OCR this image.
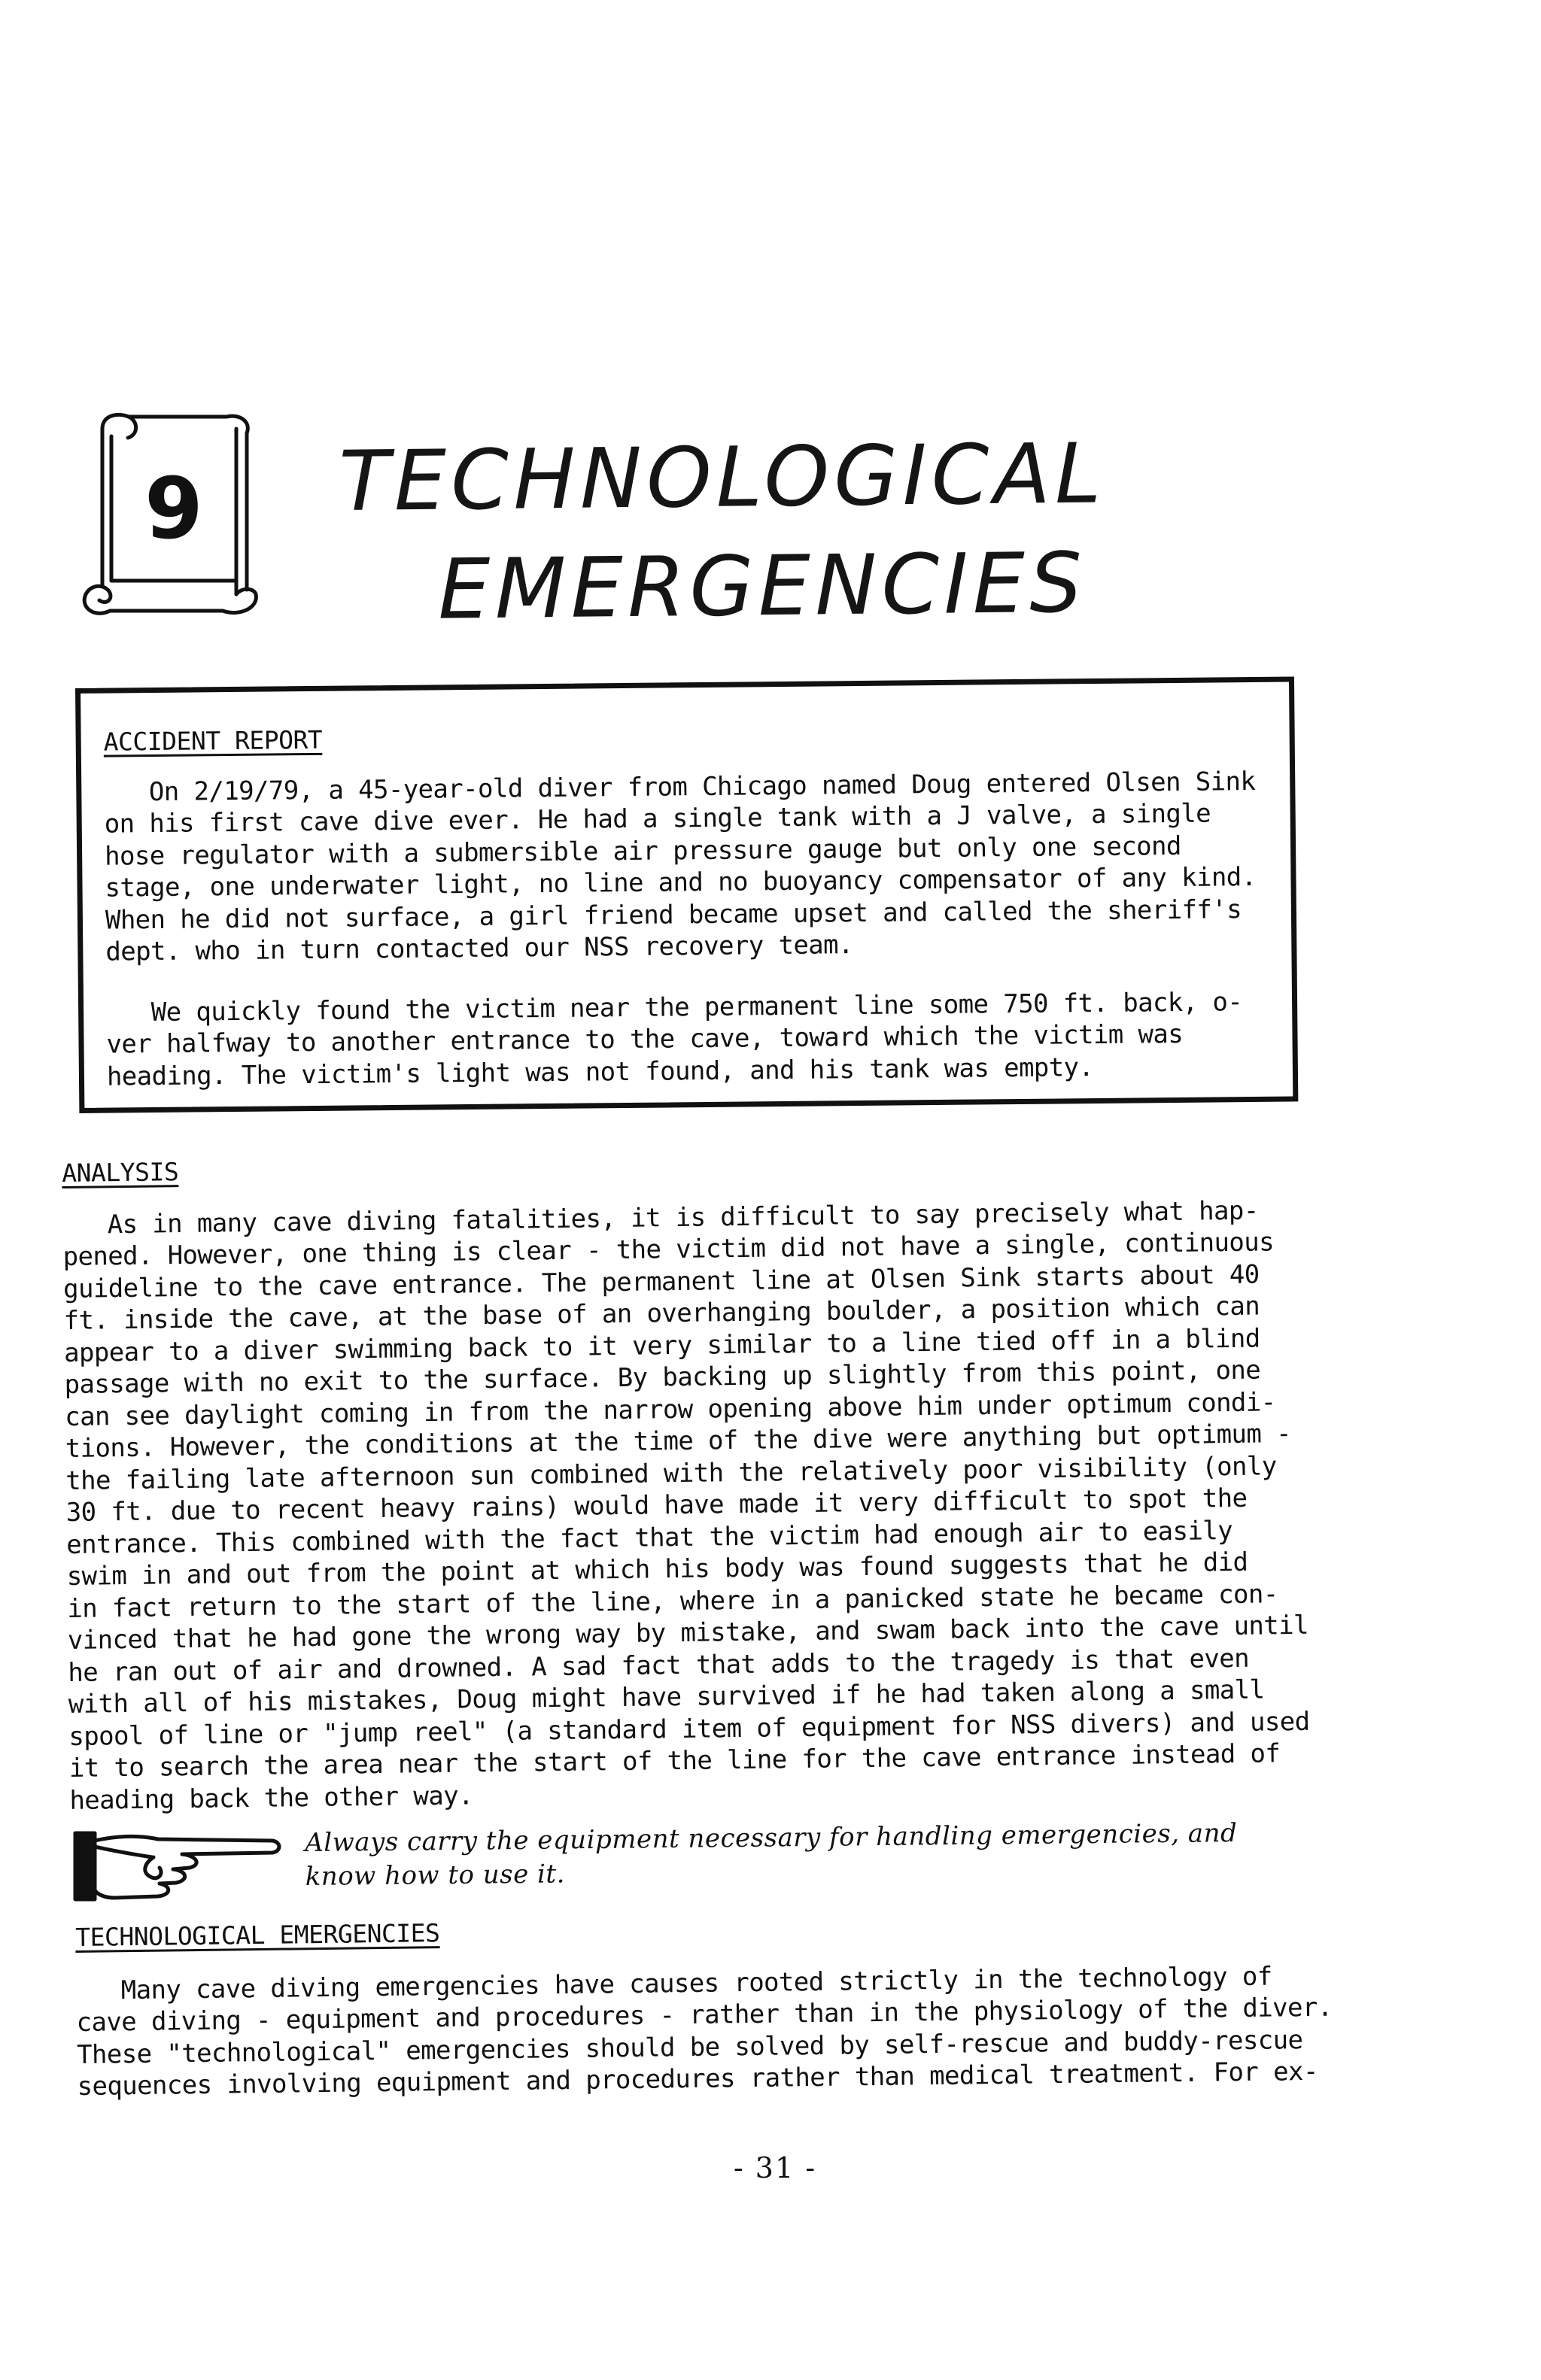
9 TECHNOLOGICAL
EMERGENCIES
ACCIDENT REPORT

On 2/19/79, a 45-year-old diver from Chicago named Doug entered Olsen Sink
on his first cave dive ever. He had a single tank with a J valve, a single
hose regulator with a submersible air pressure gauge but only one second
stage, one underwater light, no line and no buoyancy compensator of any kind.
When he did not surface, a girl friend became upset and called the sheriff's
dept. who in turn contacted our NSS recovery team.

We quickly found the victim near the permanent line some 750 ft. back, o-
ver halfway to another entrance to the cave, toward which the victim was
heading. The victim's light was not found, and his tank was empty.

ANALYSIS

As in many cave diving fatalities, it is difficult to say precisely what hap-
pened. However, one thing is clear - the victim did not have a single, continuous
guideline to the cave entrance. The permanent line at Olsen Sink starts about 40
ft. inside the cave, at the base of an overhanging boulder, a position which can
appear to a diver swimming back to it very similar to a line tied off in a blind
passage with no exit to the surface. By backing up slightly from this point, one
can see daylight coming in from the narrow opening above him under optimum condi-
tions. However, the conditions at the time of the dive were anything but optimum -
the failing late afternoon sun combined with the relatively poor visibility (only
30 ft. due to recent heavy rains) would have made it very difficult to spot the
entrance. This combined with the fact that the victim had enough air to easily
swim in and out from the point at which his body was found suggests that he did
in fact return to the start of the line, where in a panicked state he became con-
vinced that he had gone the wrong way by mistake, and swam back into the cave until
he ran out of air and drowned. A sad fact that adds to the tragedy is that even
with all of his mistakes, Doug might have survived if he had taken along a small
spool of line or "jump reel" (a standard item of equipment for NSS divers) and used
it to search the area near the start of the line for the cave entrance instead of
heading back the other way.

Always carry the equipment necessary for handling emergencies, and
know how to use it.
TECHNOLOGICAL EMERGENCIES

Many cave diving emergencies have causes rooted strictly in the technology of
cave diving - equipment and procedures - rather than in the physiology of the diver.
These "technological" emergencies should be solved by self-rescue and buddy-rescue
sequences involving equipment and procedures rather than medical treatment. For ex-

- 31 -
